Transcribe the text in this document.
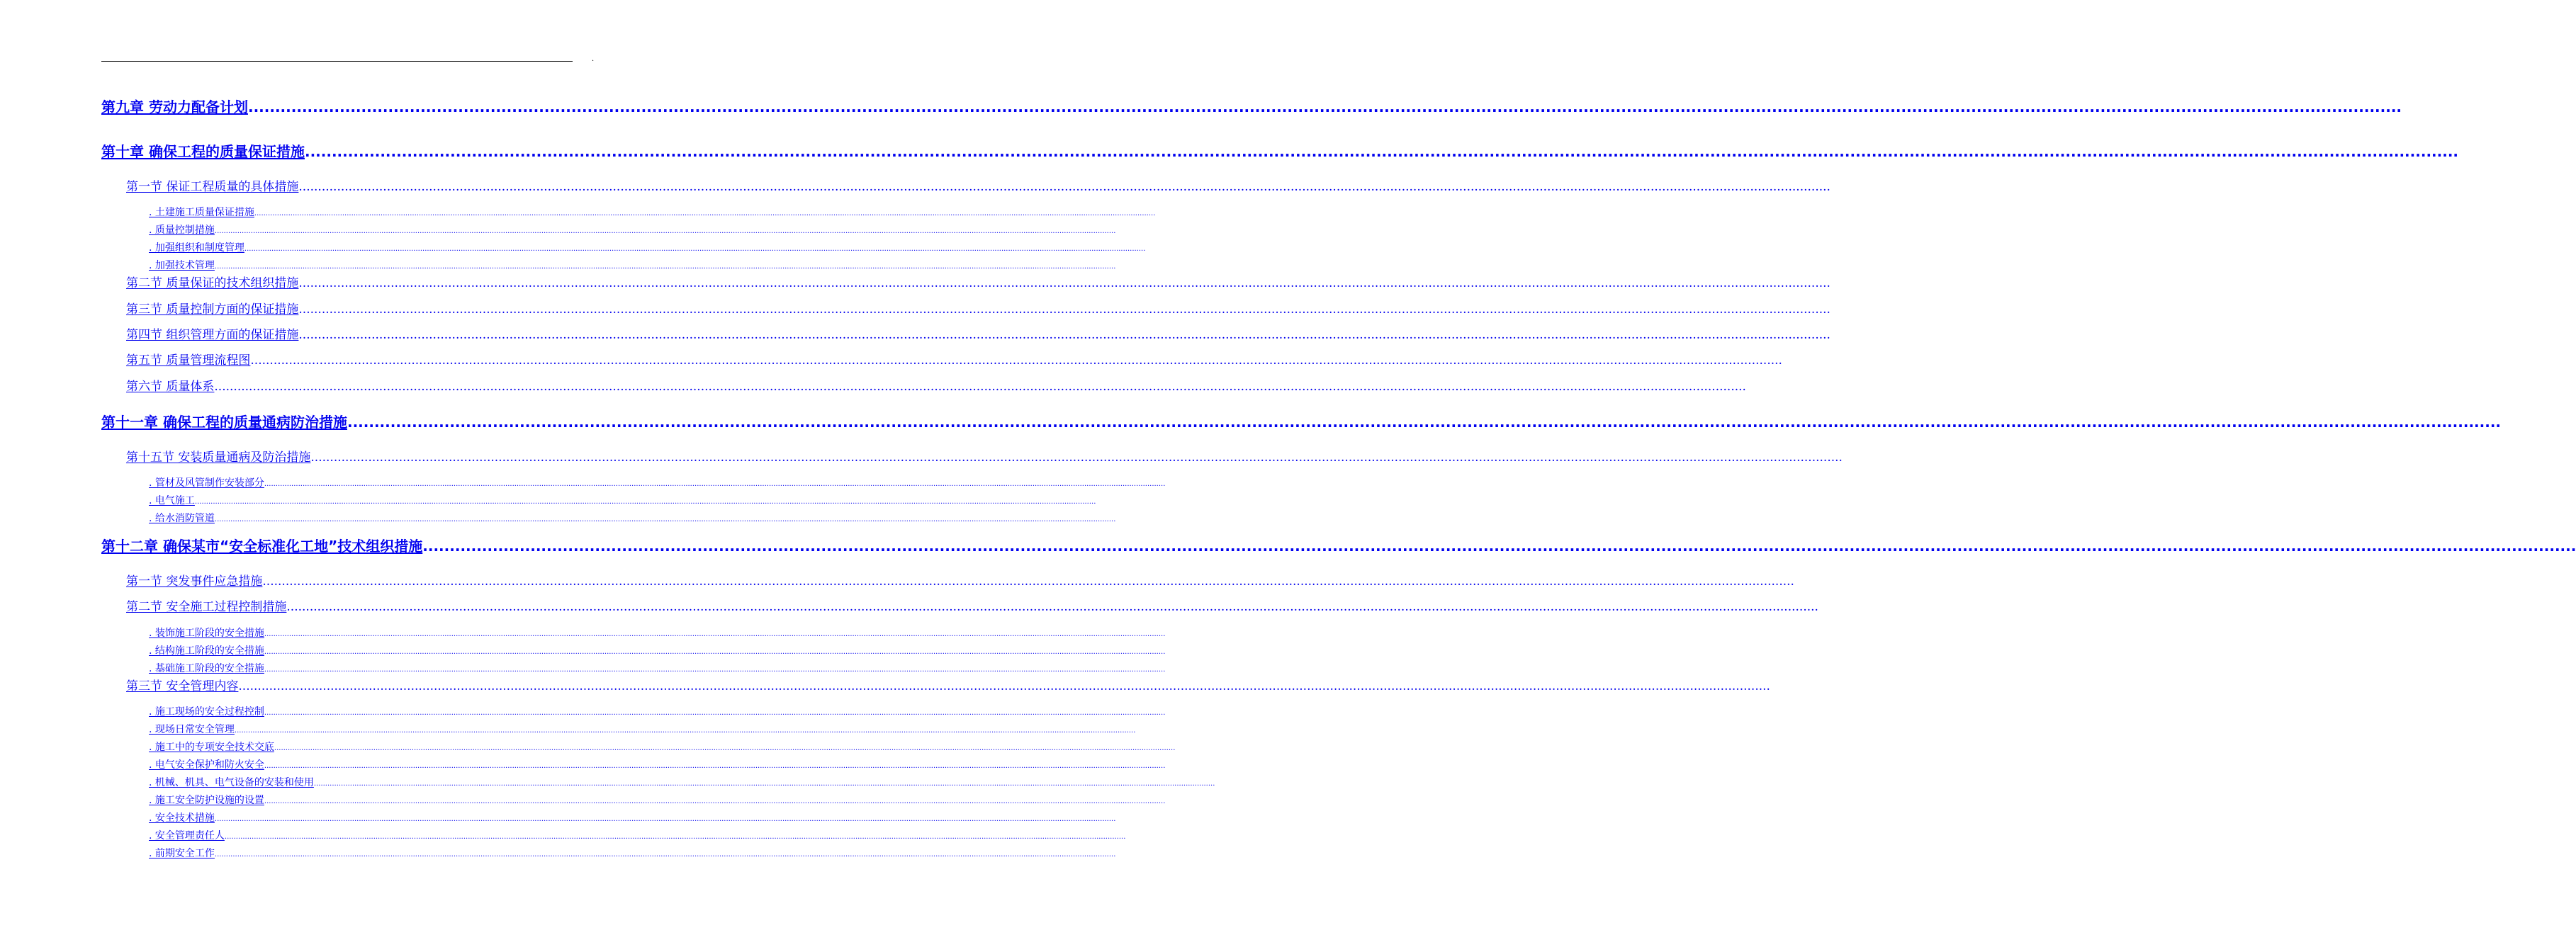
.
第九章 劳动力配备计划 ................................................................................................................................................................................................................................................................................................................................................................................................................
第十章 确保工程的质量保证措施 ................................................................................................................................................................................................................................................................................................................................................................................................................
第一节 保证工程质量的具体措施 ................................................................................................................................................................................................................................................................................................................................................................................................................
. 土建施工质量保证措施 ................................................................................................................................................................................................................................................................................................................................................................................................................
. 质量控制措施 ................................................................................................................................................................................................................................................................................................................................................................................................................
. 加强组织和制度管理 ................................................................................................................................................................................................................................................................................................................................................................................................................
. 加强技术管理 ................................................................................................................................................................................................................................................................................................................................................................................................................
第二节 质量保证的技术组织措施 ................................................................................................................................................................................................................................................................................................................................................................................................................
第三节 质量控制方面的保证措施 ................................................................................................................................................................................................................................................................................................................................................................................................................
第四节 组织管理方面的保证措施 ................................................................................................................................................................................................................................................................................................................................................................................................................
第五节 质量管理流程图 ................................................................................................................................................................................................................................................................................................................................................................................................................
第六节 质量体系 ................................................................................................................................................................................................................................................................................................................................................................................................................
第十一章 确保工程的质量通病防治措施 ................................................................................................................................................................................................................................................................................................................................................................................................................
第十五节 安装质量通病及防治措施 ................................................................................................................................................................................................................................................................................................................................................................................................................
. 管材及风管制作安装部分 ................................................................................................................................................................................................................................................................................................................................................................................................................
. 电气施工 ................................................................................................................................................................................................................................................................................................................................................................................................................
. 给水消防管道 ................................................................................................................................................................................................................................................................................................................................................................................................................
第十二章 确保某市“安全标准化工地”技术组织措施 ................................................................................................................................................................................................................................................................................................................................................................................................................
第一节 突发事件应急措施 ................................................................................................................................................................................................................................................................................................................................................................................................................
第二节 安全施工过程控制措施 ................................................................................................................................................................................................................................................................................................................................................................................................................
. 装饰施工阶段的安全措施 ................................................................................................................................................................................................................................................................................................................................................................................................................
. 结构施工阶段的安全措施 ................................................................................................................................................................................................................................................................................................................................................................................................................
. 基础施工阶段的安全措施 ................................................................................................................................................................................................................................................................................................................................................................................................................
第三节 安全管理内容 ................................................................................................................................................................................................................................................................................................................................................................................................................
. 施工现场的安全过程控制 ................................................................................................................................................................................................................................................................................................................................................................................................................
. 现场日常安全管理 ................................................................................................................................................................................................................................................................................................................................................................................................................
. 施工中的专项安全技术交底 ................................................................................................................................................................................................................................................................................................................................................................................................................
. 电气安全保护和防火安全 ................................................................................................................................................................................................................................................................................................................................................................................................................
. 机械、机具、电气设备的安装和使用 ................................................................................................................................................................................................................................................................................................................................................................................................................
. 施工安全防护设施的设置 ................................................................................................................................................................................................................................................................................................................................................................................................................
. 安全技术措施 ................................................................................................................................................................................................................................................................................................................................................................................................................
. 安全管理责任人 ................................................................................................................................................................................................................................................................................................................................................................................................................
. 前期安全工作 ................................................................................................................................................................................................................................................................................................................................................................................................................
